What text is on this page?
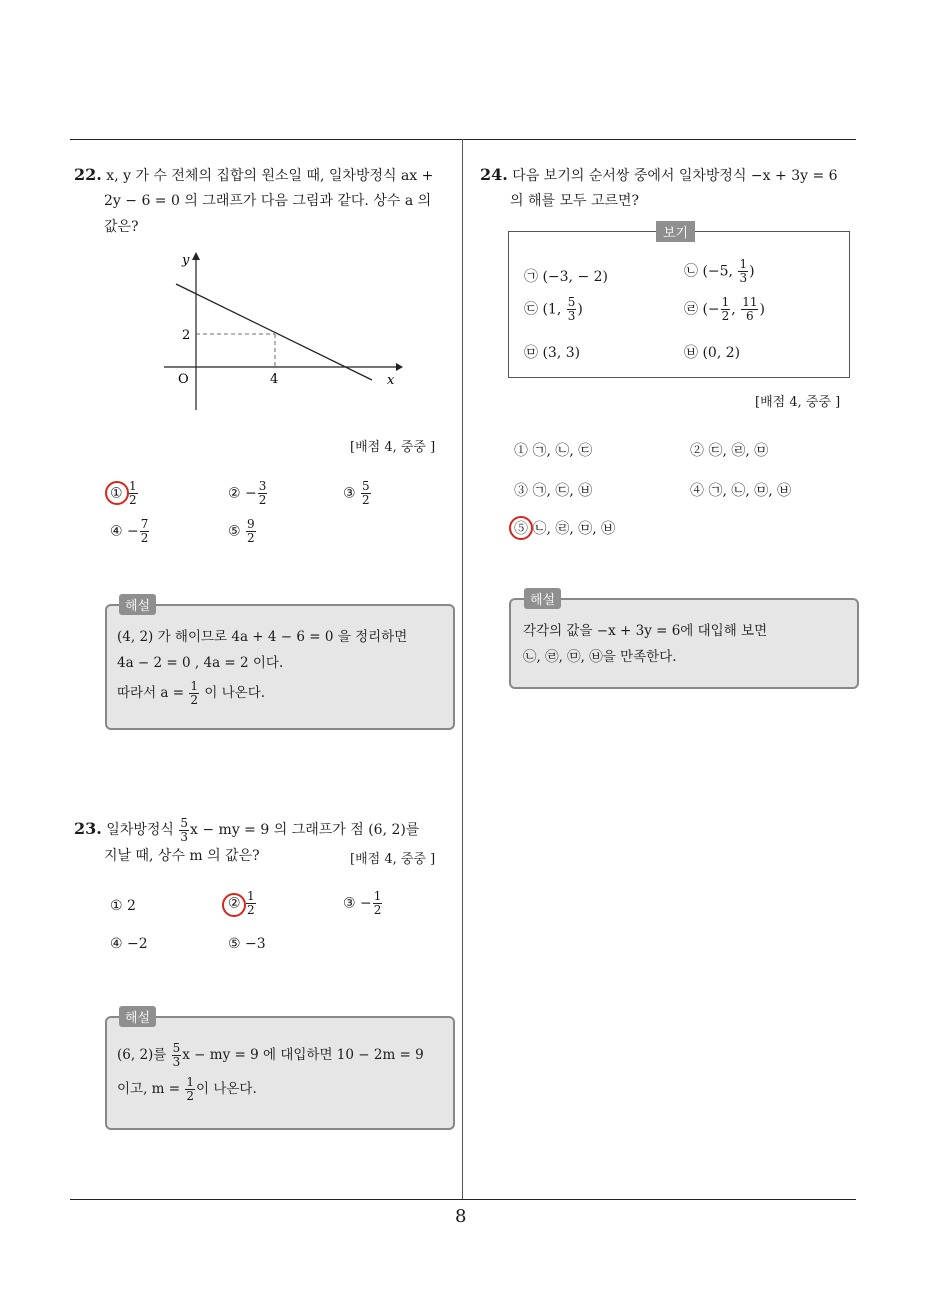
8
22. x, y 가 수 전체의 집합의 원소일 때, 일차방정식 ax +
2y − 6 = 0 의 그래프가 다음 그림과 같다. 상수 a 의
값은?
y
x
O
2
4
[배점 4, 중중 ]
① $\frac{1}{2}$	② − $\frac{3}{2}$	③ $\frac{5}{2}$
④ − $\frac{7}{2}$	⑤ $\frac{9}{2}$
해설
(4, 2) 가 해이므로 4a + 4 − 6 = 0 을 정리하면
4a − 2 = 0 , 4a = 2 이다.
따라서 $a = \frac{1}{2}$ 이 나온다.
23. 일차방정식 $\frac{5}{3}$ x − my = 9 의 그래프가 점 (6, 2)를
지날 때, 상수 m 의 값은?	[배점 4, 중중 ]
① 2	② $\frac{1}{2}$	③ − $\frac{1}{2}$
④ −2	⑤ −3
해설
(6, 2)를 $\frac{5}{3}$ x − my = 9 에 대입하면 10 − 2m = 9
이고, $m = \frac{1}{2}$ 이 나온다.
24. 다음 보기의 순서쌍 중에서 일차방정식 −x + 3y = 6
의 해를 모두 고르면?
보기
㉠ (−3, − 2)	㉡ (−5, $\frac{1}{3}$ )
㉢ (1, $\frac{5}{3}$ )	㉣ (− $\frac{1}{2}$ , $\frac{11}{6}$ )
㉤ (3, 3)	㉥ (0, 2)
[배점 4, 중중 ]
① ㉠, ㉡, ㉢	② ㉢, ㉣, ㉤
③ ㉠, ㉢, ㉥	④ ㉠, ㉡, ㉤, ㉥
⑤ ㉡, ㉣, ㉤, ㉥
해설
각각의 값을 −x + 3y = 6에 대입해 보면
㉡, ㉣, ㉤, ㉥을 만족한다.
